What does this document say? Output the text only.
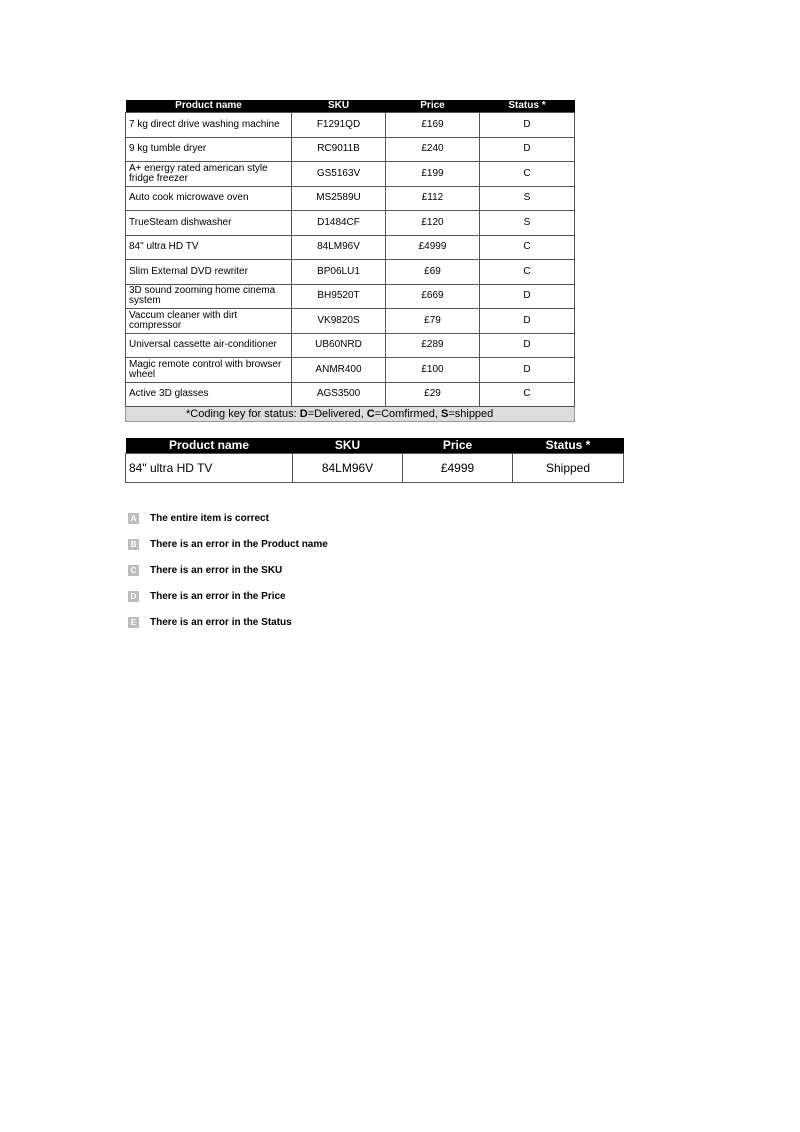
Product name	SKU	Price	Status *
7 kg direct drive washing machine	F1291QD	£169	D
9 kg tumble dryer	RC9011B	£240	D
A+ energy rated american style fridge freezer	GS5163V	£199	C
Auto cook microwave oven	MS2589U	£112	S
TrueSteam dishwasher	D1484CF	£120	S
84" ultra HD TV	84LM96V	£4999	C
Slim External DVD rewriter	BP06LU1	£69	C
3D sound zooming home cinema system	BH9520T	£669	D
Vaccum cleaner with dirt compressor	VK9820S	£79	D
Universal cassette air-conditioner	UB60NRD	£289	D
Magic remote control with browser wheel	ANMR400	£100	D
Active 3D glasses	AGS3500	£29	C
*Coding key for status: D=Delivered, C=Comfirmed, S=shipped			
Product name	SKU	Price	Status *
84" ultra HD TV	84LM96V	£4999	Shipped
A The entire item is correct
B There is an error in the Product name
C There is an error in the SKU
D There is an error in the Price
E There is an error in the Status
